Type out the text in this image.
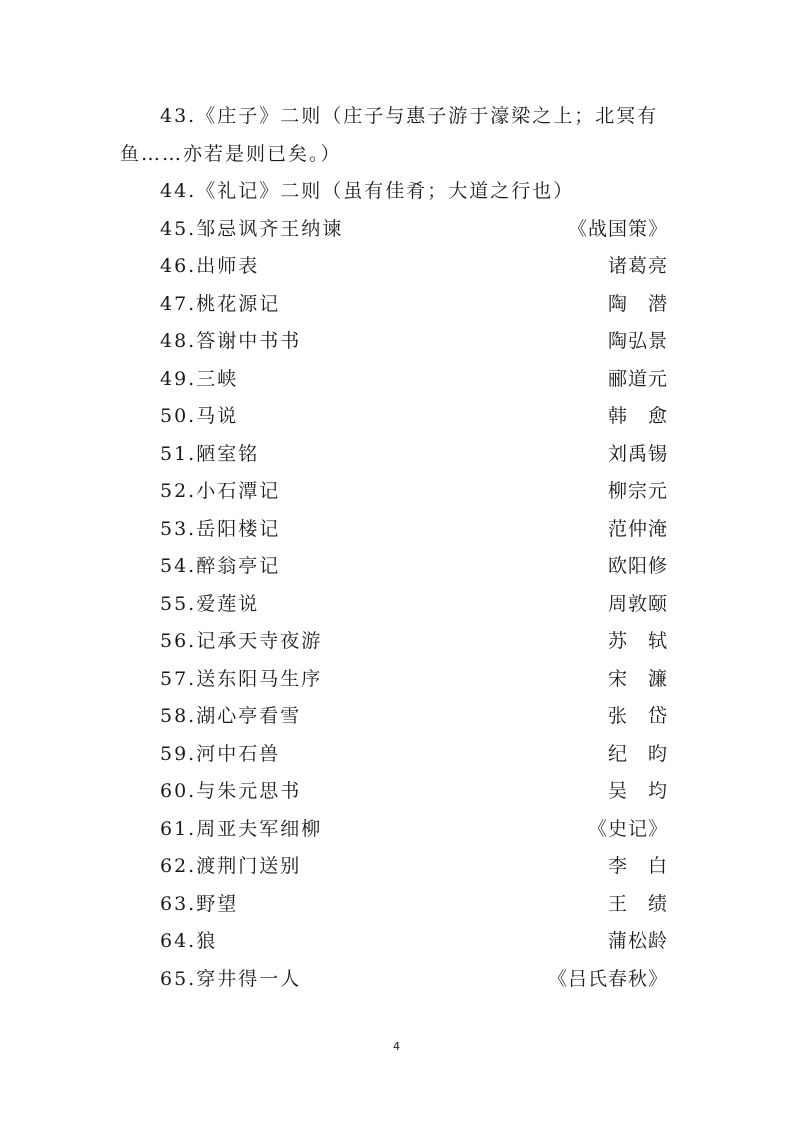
43.《庄子》二则（庄子与惠子游于濠梁之上；北冥有鱼……亦若是则已矣。）

44.《礼记》二则（虽有佳肴；大道之行也）

45.邹忌讽齐王纳谏	《战国策》
46.出师表	诸葛亮
47.桃花源记	陶　潜
48.答谢中书书	陶弘景
49.三峡	郦道元
50.马说	韩　愈
51.陋室铭	刘禹锡
52.小石潭记	柳宗元
53.岳阳楼记	范仲淹
54.醉翁亭记	欧阳修
55.爱莲说	周敦颐
56.记承天寺夜游	苏　轼
57.送东阳马生序	宋　濂
58.湖心亭看雪	张　岱
59.河中石兽	纪　昀
60.与朱元思书	吴　均
61.周亚夫军细柳	《史记》
62.渡荆门送别	李　白
63.野望	王　绩
64.狼	蒲松龄
65.穿井得一人	《吕氏春秋》
4
